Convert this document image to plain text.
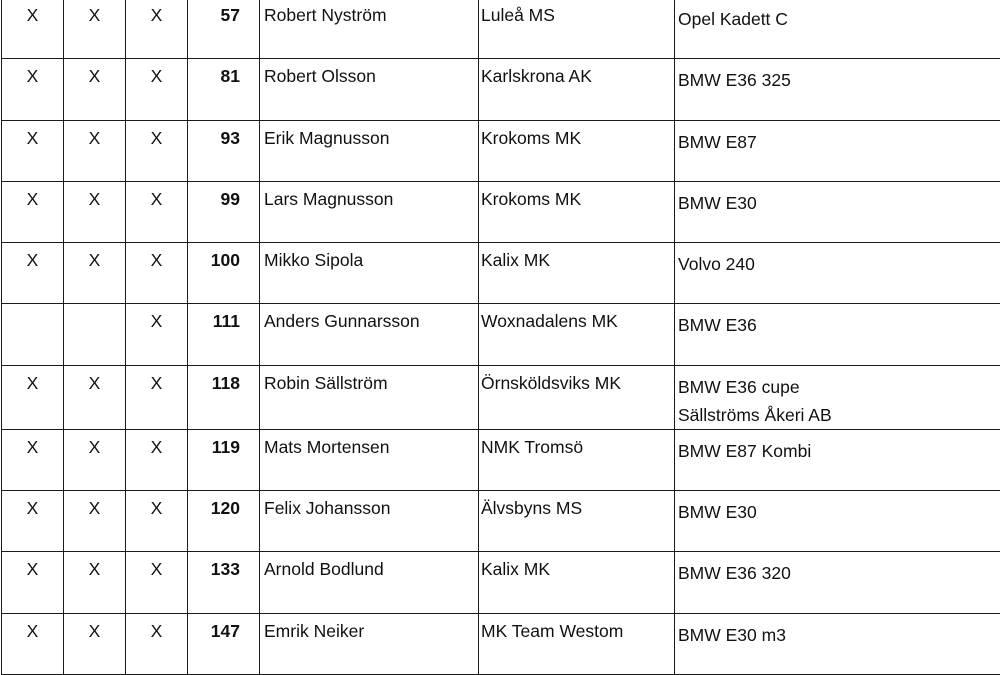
X	X	X	57	Robert Nyström	Luleå MS	Opel Kadett C

X	X	X	81	Robert Olsson	Karlskrona AK	BMW E36 325

X	X	X	93	Erik Magnusson	Krokoms MK	BMW E87

X	X	X	99	Lars Magnusson	Krokoms MK	BMW E30

X	X	X	100	Mikko Sipola	Kalix MK	Volvo 240

		X	111	Anders Gunnarsson	Woxnadalens MK	BMW E36

X	X	X	118	Robin Sällström	Örnsköldsviks MK	BMW E36 cupe
Sällströms Åkeri AB

X	X	X	119	Mats Mortensen	NMK Tromsö	BMW E87 Kombi

X	X	X	120	Felix Johansson	Älvsbyns MS	BMW E30

X	X	X	133	Arnold Bodlund	Kalix MK	BMW E36 320

X	X	X	147	Emrik Neiker	MK Team Westom	BMW E30 m3
